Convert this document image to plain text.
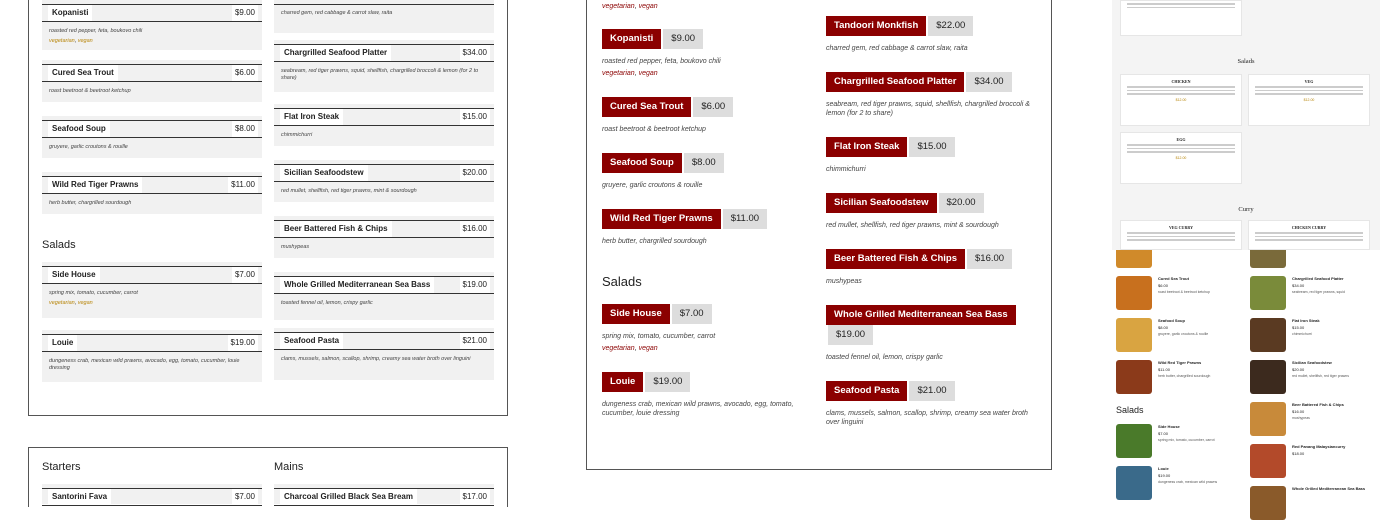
charred gem, red cabbage & carrot slaw, raita
Kopanisti	$9.00
roasted red pepper, feta, boukovo chili
vegetarian, vegan
Cured Sea Trout	$6.00
roast beetroot & beetroot ketchup
Seafood Soup	$8.00
gruyere, garlic croutons & rouille
Wild Red Tiger Prawns	$11.00
herb butter, chargrilled sourdough
Side House	$7.00
spring mix, tomato, cucumber, carrot
vegetarian, vegan
Louie	$19.00
dungeness crab, mexican wild prawns, avocado, egg, tomato, cucumber, louie dressing
Chargrilled Seafood Platter	$34.00
seabream, red tiger prawns, squid, shellfish, chargrilled broccoli & lemon (for 2 to share)
Flat Iron Steak	$15.00
chimmichurri
Sicilian Seafoodstew	$20.00
red mullet, shellfish, red tiger prawns, mint & sourdough
Beer Battered Fish & Chips	$16.00
mushypeas
Whole Grilled Mediterranean Sea Bass	$19.00
toasted fennel oil, lemon, crispy garlic
Seafood Pasta	$21.00
clams, mussels, salmon, scallop, shrimp, creamy sea water broth over linguini
Santorini Fava	$7.00	Charcoal Grilled Black Sea Bream	$17.00
Salads
Starters	Mains
vegetarian, vegan
Kopanisti $9.00
roasted red pepper, feta, boukovo chili
vegetarian, vegan
Cured Sea Trout $6.00
roast beetroot & beetroot ketchup
Seafood Soup $8.00
gruyere, garlic croutons & rouille
Wild Red Tiger Prawns $11.00
herb butter, chargrilled sourdough
Side House $7.00
spring mix, tomato, cucumber, carrot
vegetarian, vegan
Louie $19.00
dungeness crab, mexican wild prawns, avocado, egg, tomato, cucumber, louie dressing
Tandoori Monkfish $22.00
charred gem, red cabbage & carrot slaw, raita
Chargrilled Seafood Platter $34.00
seabream, red tiger prawns, squid, shellfish, chargrilled broccoli & lemon (for 2 to share)
Flat Iron Steak $15.00
chimmichurri
Sicilian Seafoodstew $20.00
red mullet, shellfish, red tiger prawns, mint & sourdough
Beer Battered Fish & Chips $16.00
mushypeas
Whole Grilled Mediterranean Sea Bass$19.00
toasted fennel oil, lemon, crispy garlic
Seafood Pasta $21.00
clams, mussels, salmon, scallop, shrimp, creamy sea water broth over linguini
Salads
Salads
CHICKEN
$12.00
VEG
$12.00
EGG
$12.00
Curry
VEG CURRY	CHICKEN CURRY
Cured Sea Trout
$6.00
roast beetroot & beetroot ketchup
Seafood Soup
$8.00
gruyere, garlic croutons & rouille
Wild Red Tiger Prawns
$11.00
herb butter, chargrilled sourdough
Chargrilled Seafood Platter
$34.00
seabream, red tiger prawns, squid
Flat Iron Steak
$15.00
chimmichurri
Sicilian Seafoodstew
$20.00
red mullet, shellfish, red tiger prawns
Beer Battered Fish & Chips
$16.00
mushypeas
Red Panang Malaysiancurry
$18.00
Whole Grilled Mediterranean Sea Bass
Salads
Side House
$7.00
spring mix, tomato, cucumber, carrot
Louie
$19.00
dungeness crab, mexican wild prawns
